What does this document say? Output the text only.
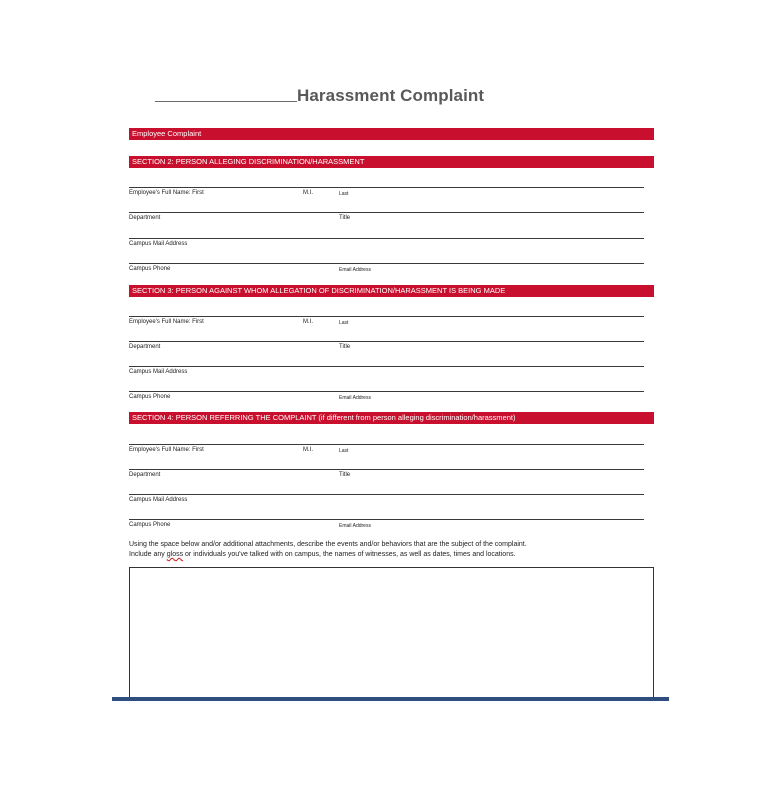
Harassment Complaint
Employee Complaint
SECTION 2: PERSON ALLEGING DISCRIMINATION/HARASSMENT
Employee's Full Name: First	M.I.	Last
Department	Title
Campus Mail Address
Campus Phone	Email Address
SECTION 3: PERSON AGAINST WHOM ALLEGATION OF DISCRIMINATION/HARASSMENT IS BEING MADE
Employee's Full Name: First	M.I.	Last
Department	Title
Campus Mail Address
Campus Phone	Email Address
SECTION 4: PERSON REFERRING THE COMPLAINT (if different from person alleging discrimination/harassment)
Employee's Full Name: First	M.I.	Last
Department	Title
Campus Mail Address
Campus Phone	Email Address

Using the space below and/or additional attachments, describe the events and/or behaviors that are the subject of the complaint.

Include any gloss or individuals you've talked with on campus, the names of witnesses, as well as dates, times and locations.
